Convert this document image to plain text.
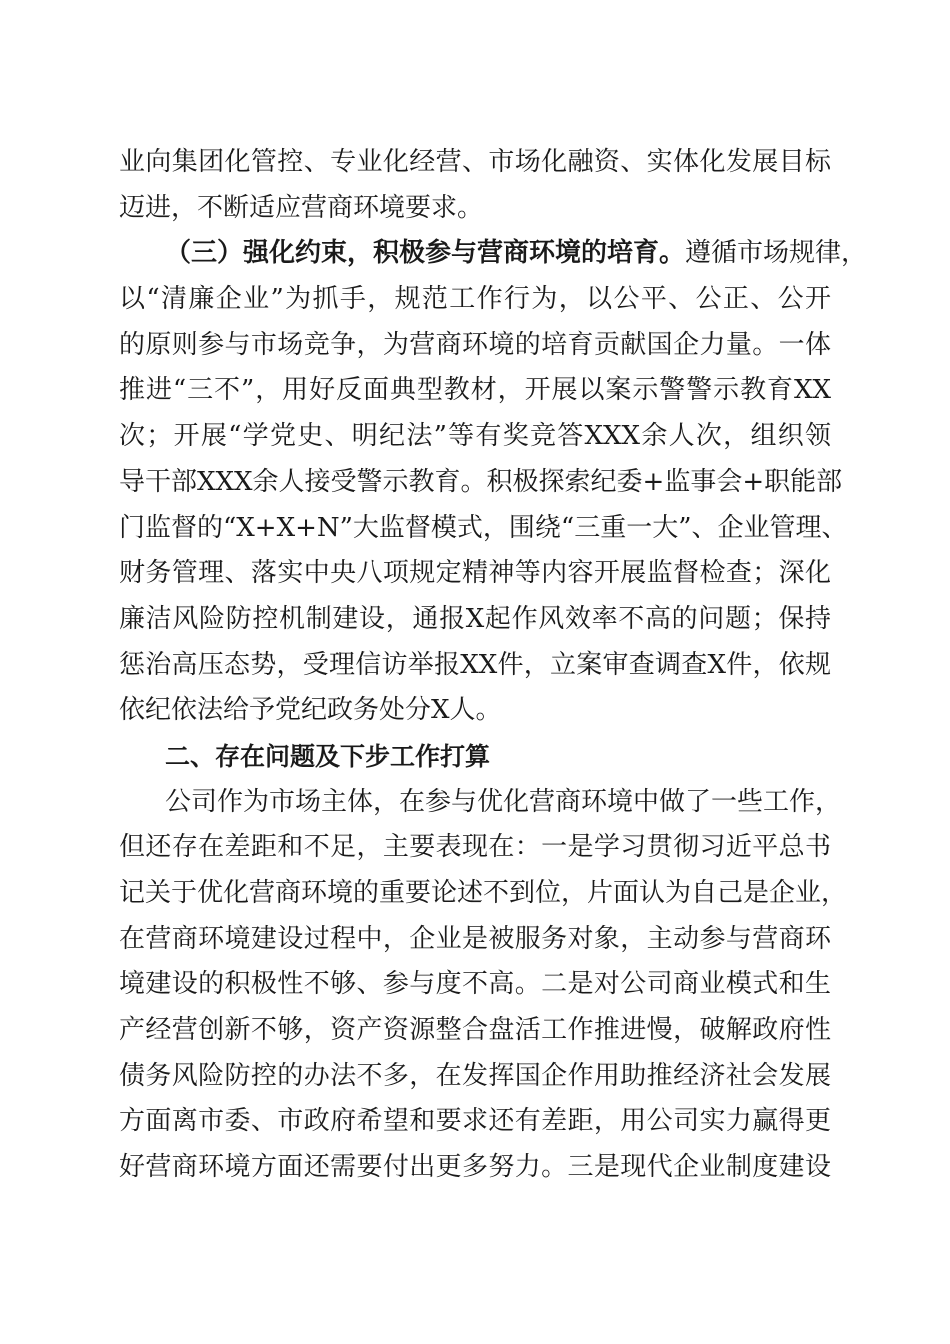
业向集团化管控、专业化经营、市场化融资、实体化发展目标
迈进，不断适应营商环境要求。
（三）强化约束，积极参与营商环境的培育。遵循市场规律，
以“清廉企业”为抓手，规范工作行为，以公平、公正、公开
的原则参与市场竞争，为营商环境的培育贡献国企力量。一体
推进“三不”，用好反面典型教材，开展以案示警警示教育XX
次；开展“学党史、明纪法”等有奖竞答XXX余人次，组织领
导干部XXX余人接受警示教育。积极探索纪委+监事会+职能部
门监督的“X+X+N”大监督模式，围绕“三重一大”、企业管理、
财务管理、落实中央八项规定精神等内容开展监督检查；深化
廉洁风险防控机制建设，通报X起作风效率不高的问题；保持
惩治高压态势，受理信访举报XX件，立案审查调查X件，依规
依纪依法给予党纪政务处分X人。
二、存在问题及下步工作打算
公司作为市场主体，在参与优化营商环境中做了一些工作，
但还存在差距和不足，主要表现在：一是学习贯彻习近平总书
记关于优化营商环境的重要论述不到位，片面认为自己是企业，
在营商环境建设过程中，企业是被服务对象，主动参与营商环
境建设的积极性不够、参与度不高。二是对公司商业模式和生
产经营创新不够，资产资源整合盘活工作推进慢，破解政府性
债务风险防控的办法不多，在发挥国企作用助推经济社会发展
方面离市委、市政府希望和要求还有差距，用公司实力赢得更
好营商环境方面还需要付出更多努力。三是现代企业制度建设
